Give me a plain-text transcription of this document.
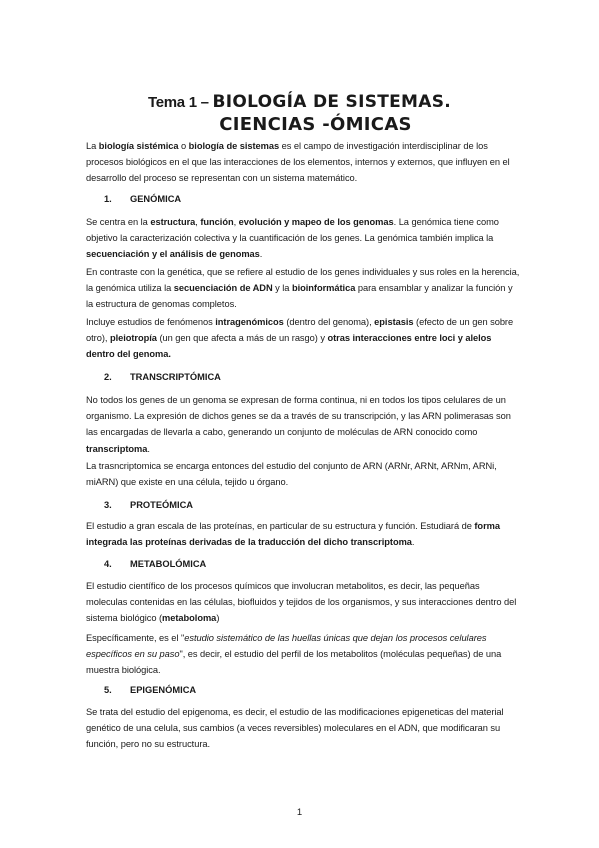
Tema 1 – BIOLOGÍA DE SISTEMAS.
CIENCIAS -ÓMICAS

La biología sistémica o biología de sistemas es el campo de investigación interdisciplinar de los procesos biológicos en el que las interacciones de los elementos, internos y externos, que influyen en el desarrollo del proceso se representan con un sistema matemático.

1. GENÓMICA

Se centra en la estructura, función, evolución y mapeo de los genomas. La genómica tiene como objetivo la caracterización colectiva y la cuantificación de los genes. La genómica también implica la secuenciación y el análisis de genomas.

En contraste con la genética, que se refiere al estudio de los genes individuales y sus roles en la herencia, la genómica utiliza la secuenciación de ADN y la bioinformática para ensamblar y analizar la función y la estructura de genomas completos.

Incluye estudios de fenómenos intragenómicos (dentro del genoma), epistasis (efecto de un gen sobre otro), pleiotropía (un gen que afecta a más de un rasgo) y otras interacciones entre loci y alelos dentro del genoma.

2. TRANSCRIPTÓMICA

No todos los genes de un genoma se expresan de forma continua, ni en todos los tipos celulares de un organismo. La expresión de dichos genes se da a través de su transcripción, y las ARN polimerasas son las encargadas de llevarla a cabo, generando un conjunto de moléculas de ARN conocido como transcriptoma.

La trasncriptomica se encarga entonces del estudio del conjunto de ARN (ARNr, ARNt, ARNm, ARNi, miARN) que existe en una célula, tejido u órgano.

3. PROTEÓMICA

El estudio a gran escala de las proteínas, en particular de su estructura y función. Estudiará de forma integrada las proteínas derivadas de la traducción del dicho transcriptoma.

4. METABOLÓMICA

El estudio científico de los procesos químicos que involucran metabolitos, es decir, las pequeñas moleculas contenidas en las células, biofluidos y tejidos de los organismos, y sus interacciones dentro del sistema biológico (metaboloma)

Específicamente, es el "estudio sistemático de las huellas únicas que dejan los procesos celulares específicos en su paso", es decir, el estudio del perfil de los metabolitos (moléculas pequeñas) de una muestra biológica.

5. EPIGENÓMICA

Se trata del estudio del epigenoma, es decir, el estudio de las modificaciones epigeneticas del material genético de una celula, sus cambios (a veces reversibles) moleculares en el ADN, que modificaran su función, pero no su estructura.

1
